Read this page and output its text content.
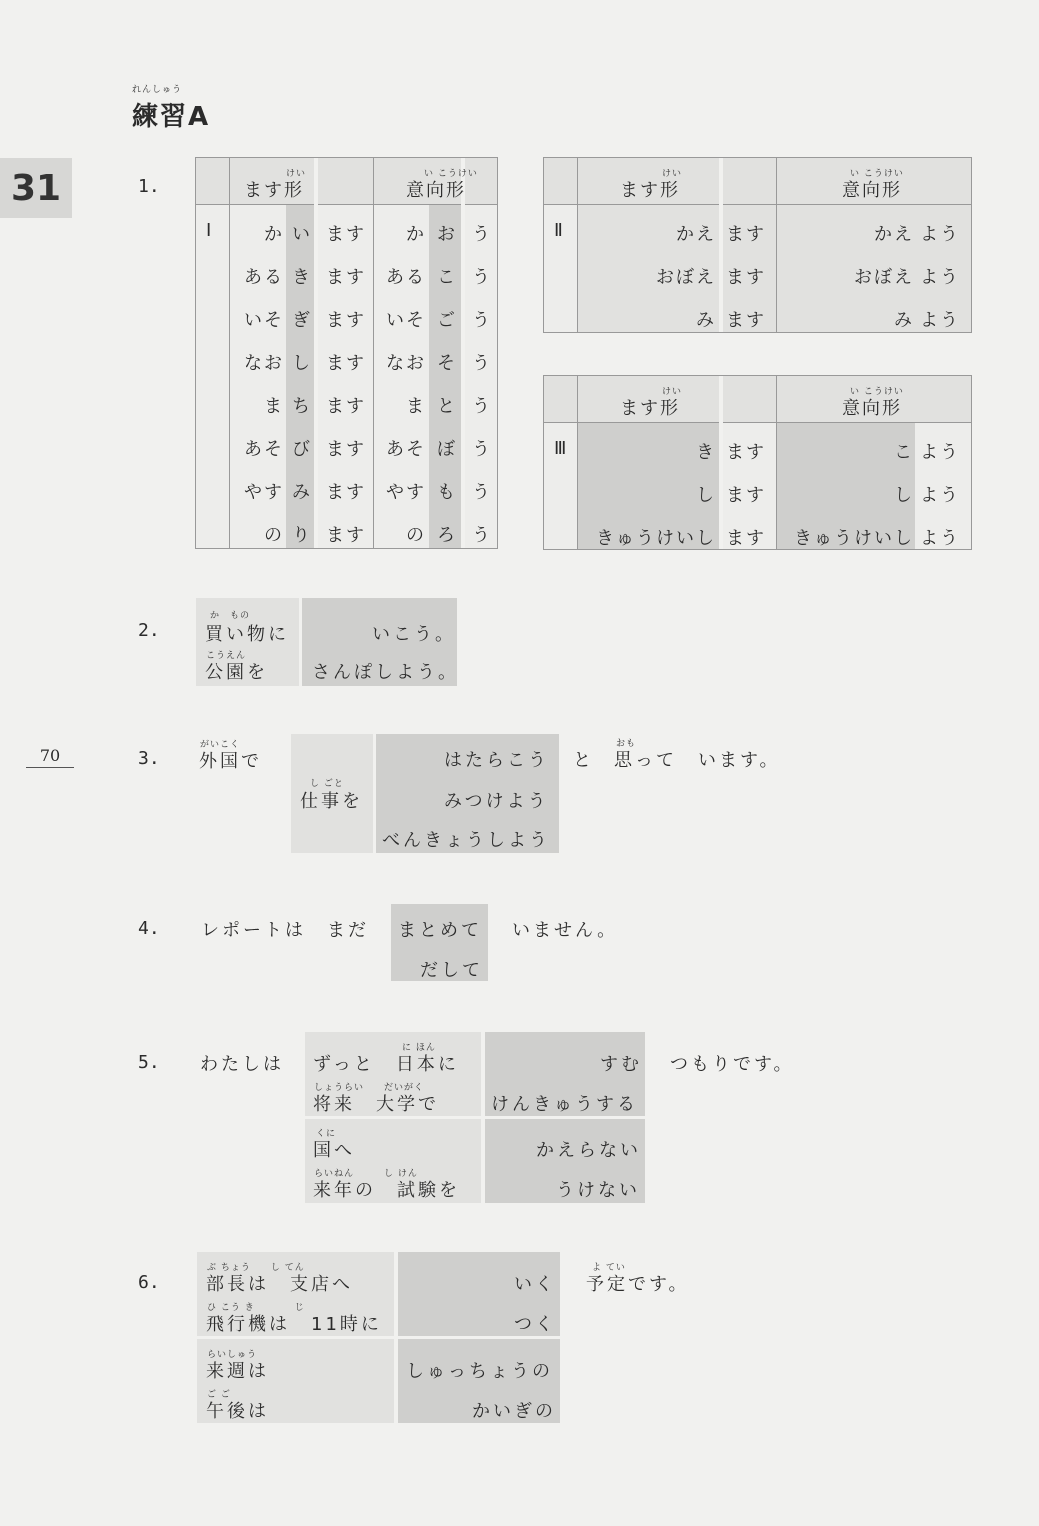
れんしゅう
練習A
31
70
1.
けい
ます形
い こうけい
意向形
Ⅰ	か い ます か お う
ある き ます ある こ う
いそ ぎ ます いそ ご う
なお し ます なお そ う
ま ち ます ま と う
あそ び ます あそ ぼ う
やす み ます やす も う
の り ます の ろ う
けい
ます形
い こうけい
意向形
Ⅱ	かえ ます	かえ よう
おぼえ ます	おぼえ よう
み ます	み よう
けい
ます形
い こうけい
意向形
Ⅲ	き ます	こ よう
し ます	し よう
きゅうけいし ます きゅうけいし よう
2.
か　もの
買い物に
こうえん
公園を
いこう。
さんぽしよう。
3.
がいこく
外国で
し ごと
仕事を
はたらこう
みつけよう
べんきょうしよう
と
おも
思って　います。
4. レポートは　まだ まとめて
だして
いません。
5. わたしは
に ほん
ずっと　日本に
しょうらい　　だいがく
将来　大学で
すむ
けんきゅうする
くに
国へ
らいねん　　　し けん
来年の　試験を
かえらない
うけない
つもりです。
6.
ぶ ちょう　　し てん
部長は　支店へ
ひ こう き　　　　じ
飛行機は　11時に
いく
つく
らいしゅう
来週は
ご ご
午後は
しゅっちょうの
かいぎの
よ てい
予定です。
